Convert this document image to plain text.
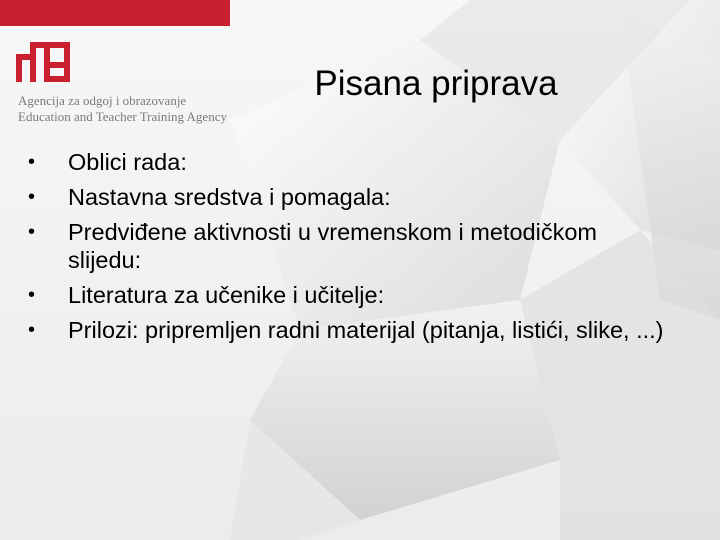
Agencija za odgoj i obrazovanje
Education and Teacher Training Agency
Pisana priprava
• Oblici rada:
• Nastavna sredstva i pomagala:
• Predviđene aktivnosti u vremenskom i metodičkom slijedu:
• Literatura za učenike i učitelje:
• Prilozi: pripremljen radni materijal (pitanja, listići, slike, ...)
